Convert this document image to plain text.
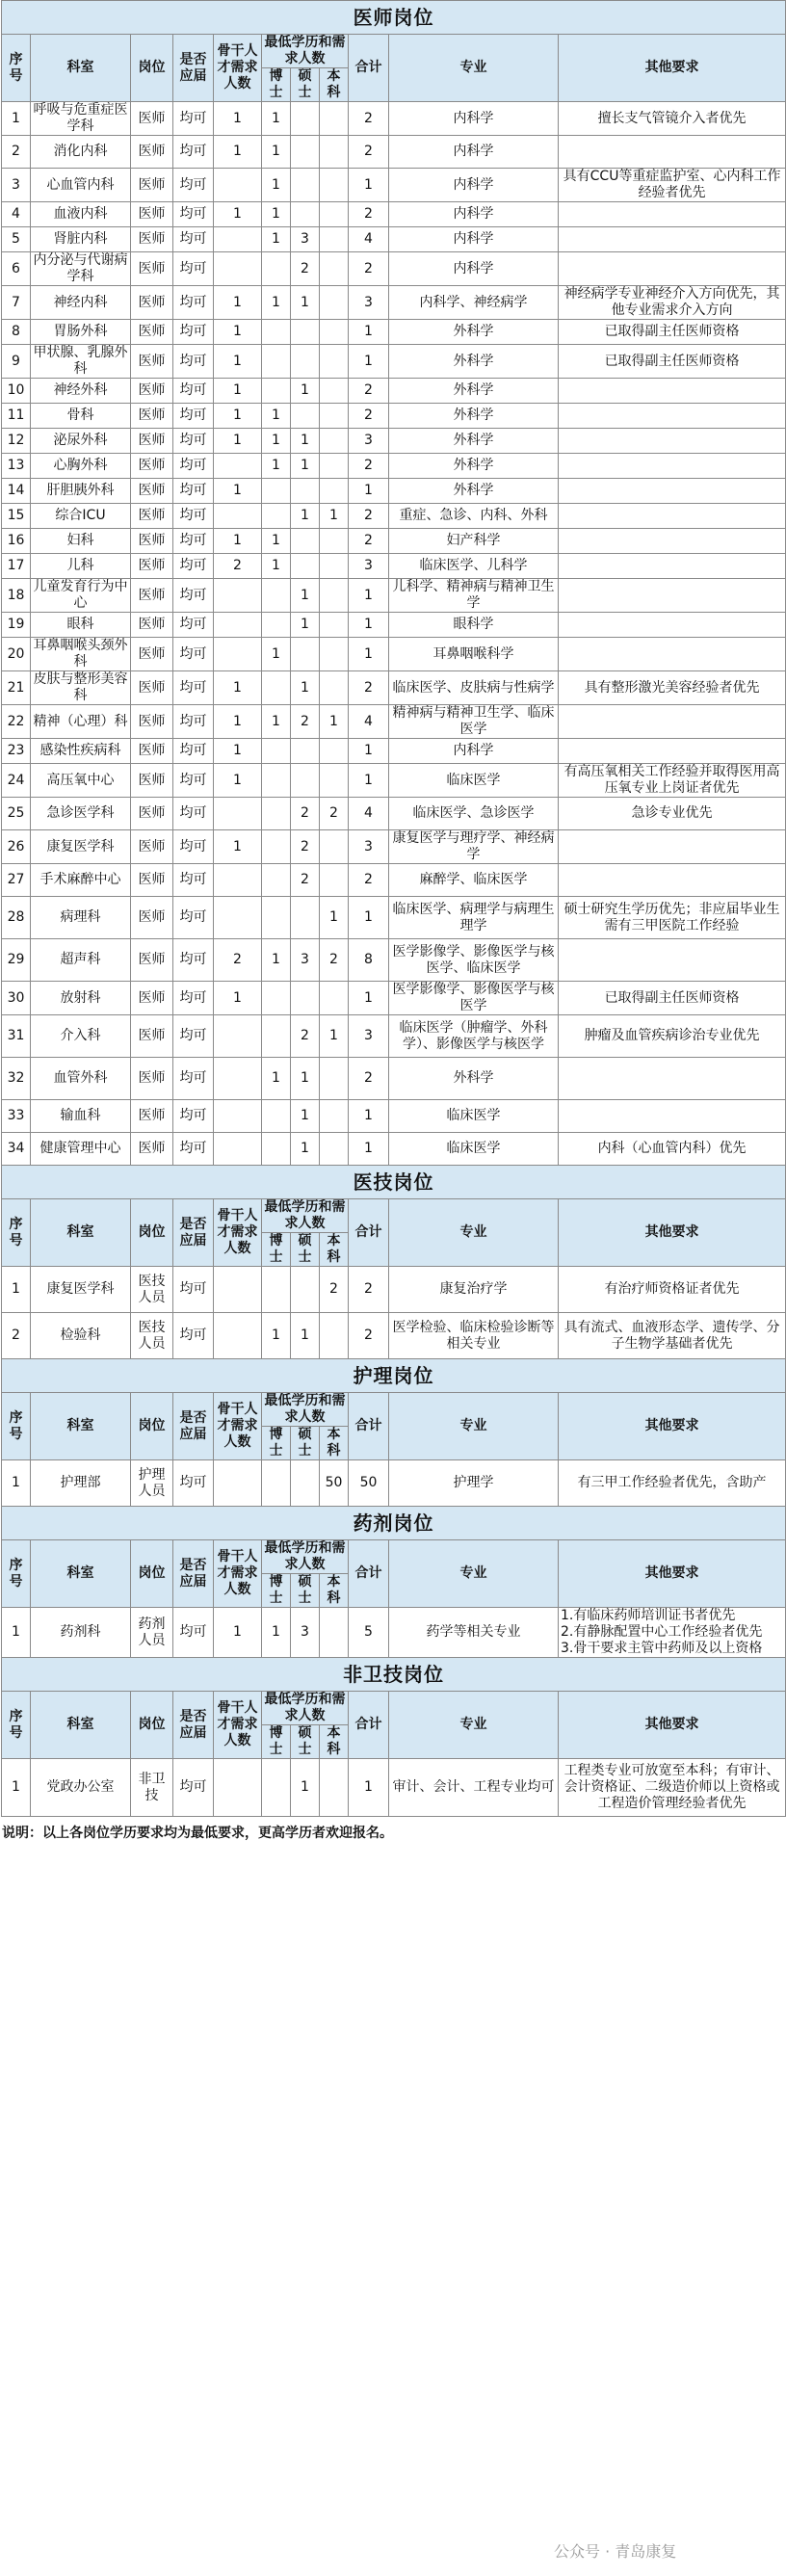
医师岗位										
序号	科室	岗位	是否应届	骨干人才需求人数	最低学历和需求人数			合计	专业	其他要求
					博士	硕士	本科			
1	呼吸与危重症医学科	医师	均可	1	1			2	内科学	擅长支气管镜介入者优先
2	消化内科	医师	均可	1	1			2	内科学	
3	心血管内科	医师	均可		1			1	内科学	具有CCU等重症监护室、心内科工作经验者优先
4	血液内科	医师	均可	1	1			2	内科学	
5	肾脏内科	医师	均可		1	3		4	内科学	
6	内分泌与代谢病学科	医师	均可			2		2	内科学	
7	神经内科	医师	均可	1	1	1		3	内科学、神经病学	神经病学专业神经介入方向优先，其他专业需求介入方向
8	胃肠外科	医师	均可	1				1	外科学	已取得副主任医师资格
9	甲状腺、乳腺外科	医师	均可	1				1	外科学	已取得副主任医师资格
10	神经外科	医师	均可	1		1		2	外科学	
11	骨科	医师	均可	1	1			2	外科学	
12	泌尿外科	医师	均可	1	1	1		3	外科学	
13	心胸外科	医师	均可		1	1		2	外科学	
14	肝胆胰外科	医师	均可	1				1	外科学	
15	综合ICU	医师	均可			1	1	2	重症、急诊、内科、外科	
16	妇科	医师	均可	1	1			2	妇产科学	
17	儿科	医师	均可	2	1			3	临床医学、儿科学	
18	儿童发育行为中心	医师	均可			1		1	儿科学、精神病与精神卫生学	
19	眼科	医师	均可			1		1	眼科学	
20	耳鼻咽喉头颈外科	医师	均可		1			1	耳鼻咽喉科学	
21	皮肤与整形美容科	医师	均可	1		1		2	临床医学、皮肤病与性病学	具有整形激光美容经验者优先
22	精神（心理）科	医师	均可	1	1	2	1	4	精神病与精神卫生学、临床医学	
23	感染性疾病科	医师	均可	1				1	内科学	
24	高压氧中心	医师	均可	1				1	临床医学	有高压氧相关工作经验并取得医用高压氧专业上岗证者优先
25	急诊医学科	医师	均可			2	2	4	临床医学、急诊医学	急诊专业优先
26	康复医学科	医师	均可	1		2		3	康复医学与理疗学、神经病学	
27	手术麻醉中心	医师	均可			2		2	麻醉学、临床医学	
28	病理科	医师	均可				1	1	临床医学、病理学与病理生理学	硕士研究生学历优先；非应届毕业生需有三甲医院工作经验
29	超声科	医师	均可	2	1	3	2	8	医学影像学、影像医学与核医学、临床医学	
30	放射科	医师	均可	1				1	医学影像学、影像医学与核医学	已取得副主任医师资格
31	介入科	医师	均可			2	1	3	临床医学（肿瘤学、外科学）、影像医学与核医学	肿瘤及血管疾病诊治专业优先
32	血管外科	医师	均可		1	1		2	外科学	
33	输血科	医师	均可			1		1	临床医学	
34	健康管理中心	医师	均可			1		1	临床医学	内科（心血管内科）优先
医技岗位										
序号	科室	岗位	是否应届	骨干人才需求人数	最低学历和需求人数			合计	专业	其他要求
					博士	硕士	本科			
1	康复医学科	医技人员	均可				2	2	康复治疗学	有治疗师资格证者优先
2	检验科	医技人员	均可		1	1		2	医学检验、临床检验诊断等相关专业	具有流式、血液形态学、遗传学、分子生物学基础者优先
护理岗位										
序号	科室	岗位	是否应届	骨干人才需求人数	最低学历和需求人数			合计	专业	其他要求
					博士	硕士	本科			
1	护理部	护理人员	均可				50	50	护理学	有三甲工作经验者优先，含助产
药剂岗位										
序号	科室	岗位	是否应届	骨干人才需求人数	最低学历和需求人数			合计	专业	其他要求
					博士	硕士	本科			
1	药剂科	药剂人员	均可	1	1	3		5	药学等相关专业	1.有临床药师培训证书者优先
2.有静脉配置中心工作经验者优先
3.骨干要求主管中药师及以上资格
非卫技岗位										
序号	科室	岗位	是否应届	骨干人才需求人数	最低学历和需求人数			合计	专业	其他要求
					博士	硕士	本科			
1	党政办公室	非卫技	均可			1		1	审计、会计、工程专业均可	工程类专业可放宽至本科；有审计、会计资格证、二级造价师以上资格或工程造价管理经验者优先
说明：以上各岗位学历要求均为最低要求，更高学历者欢迎报名。
公众号 · 青岛康复
